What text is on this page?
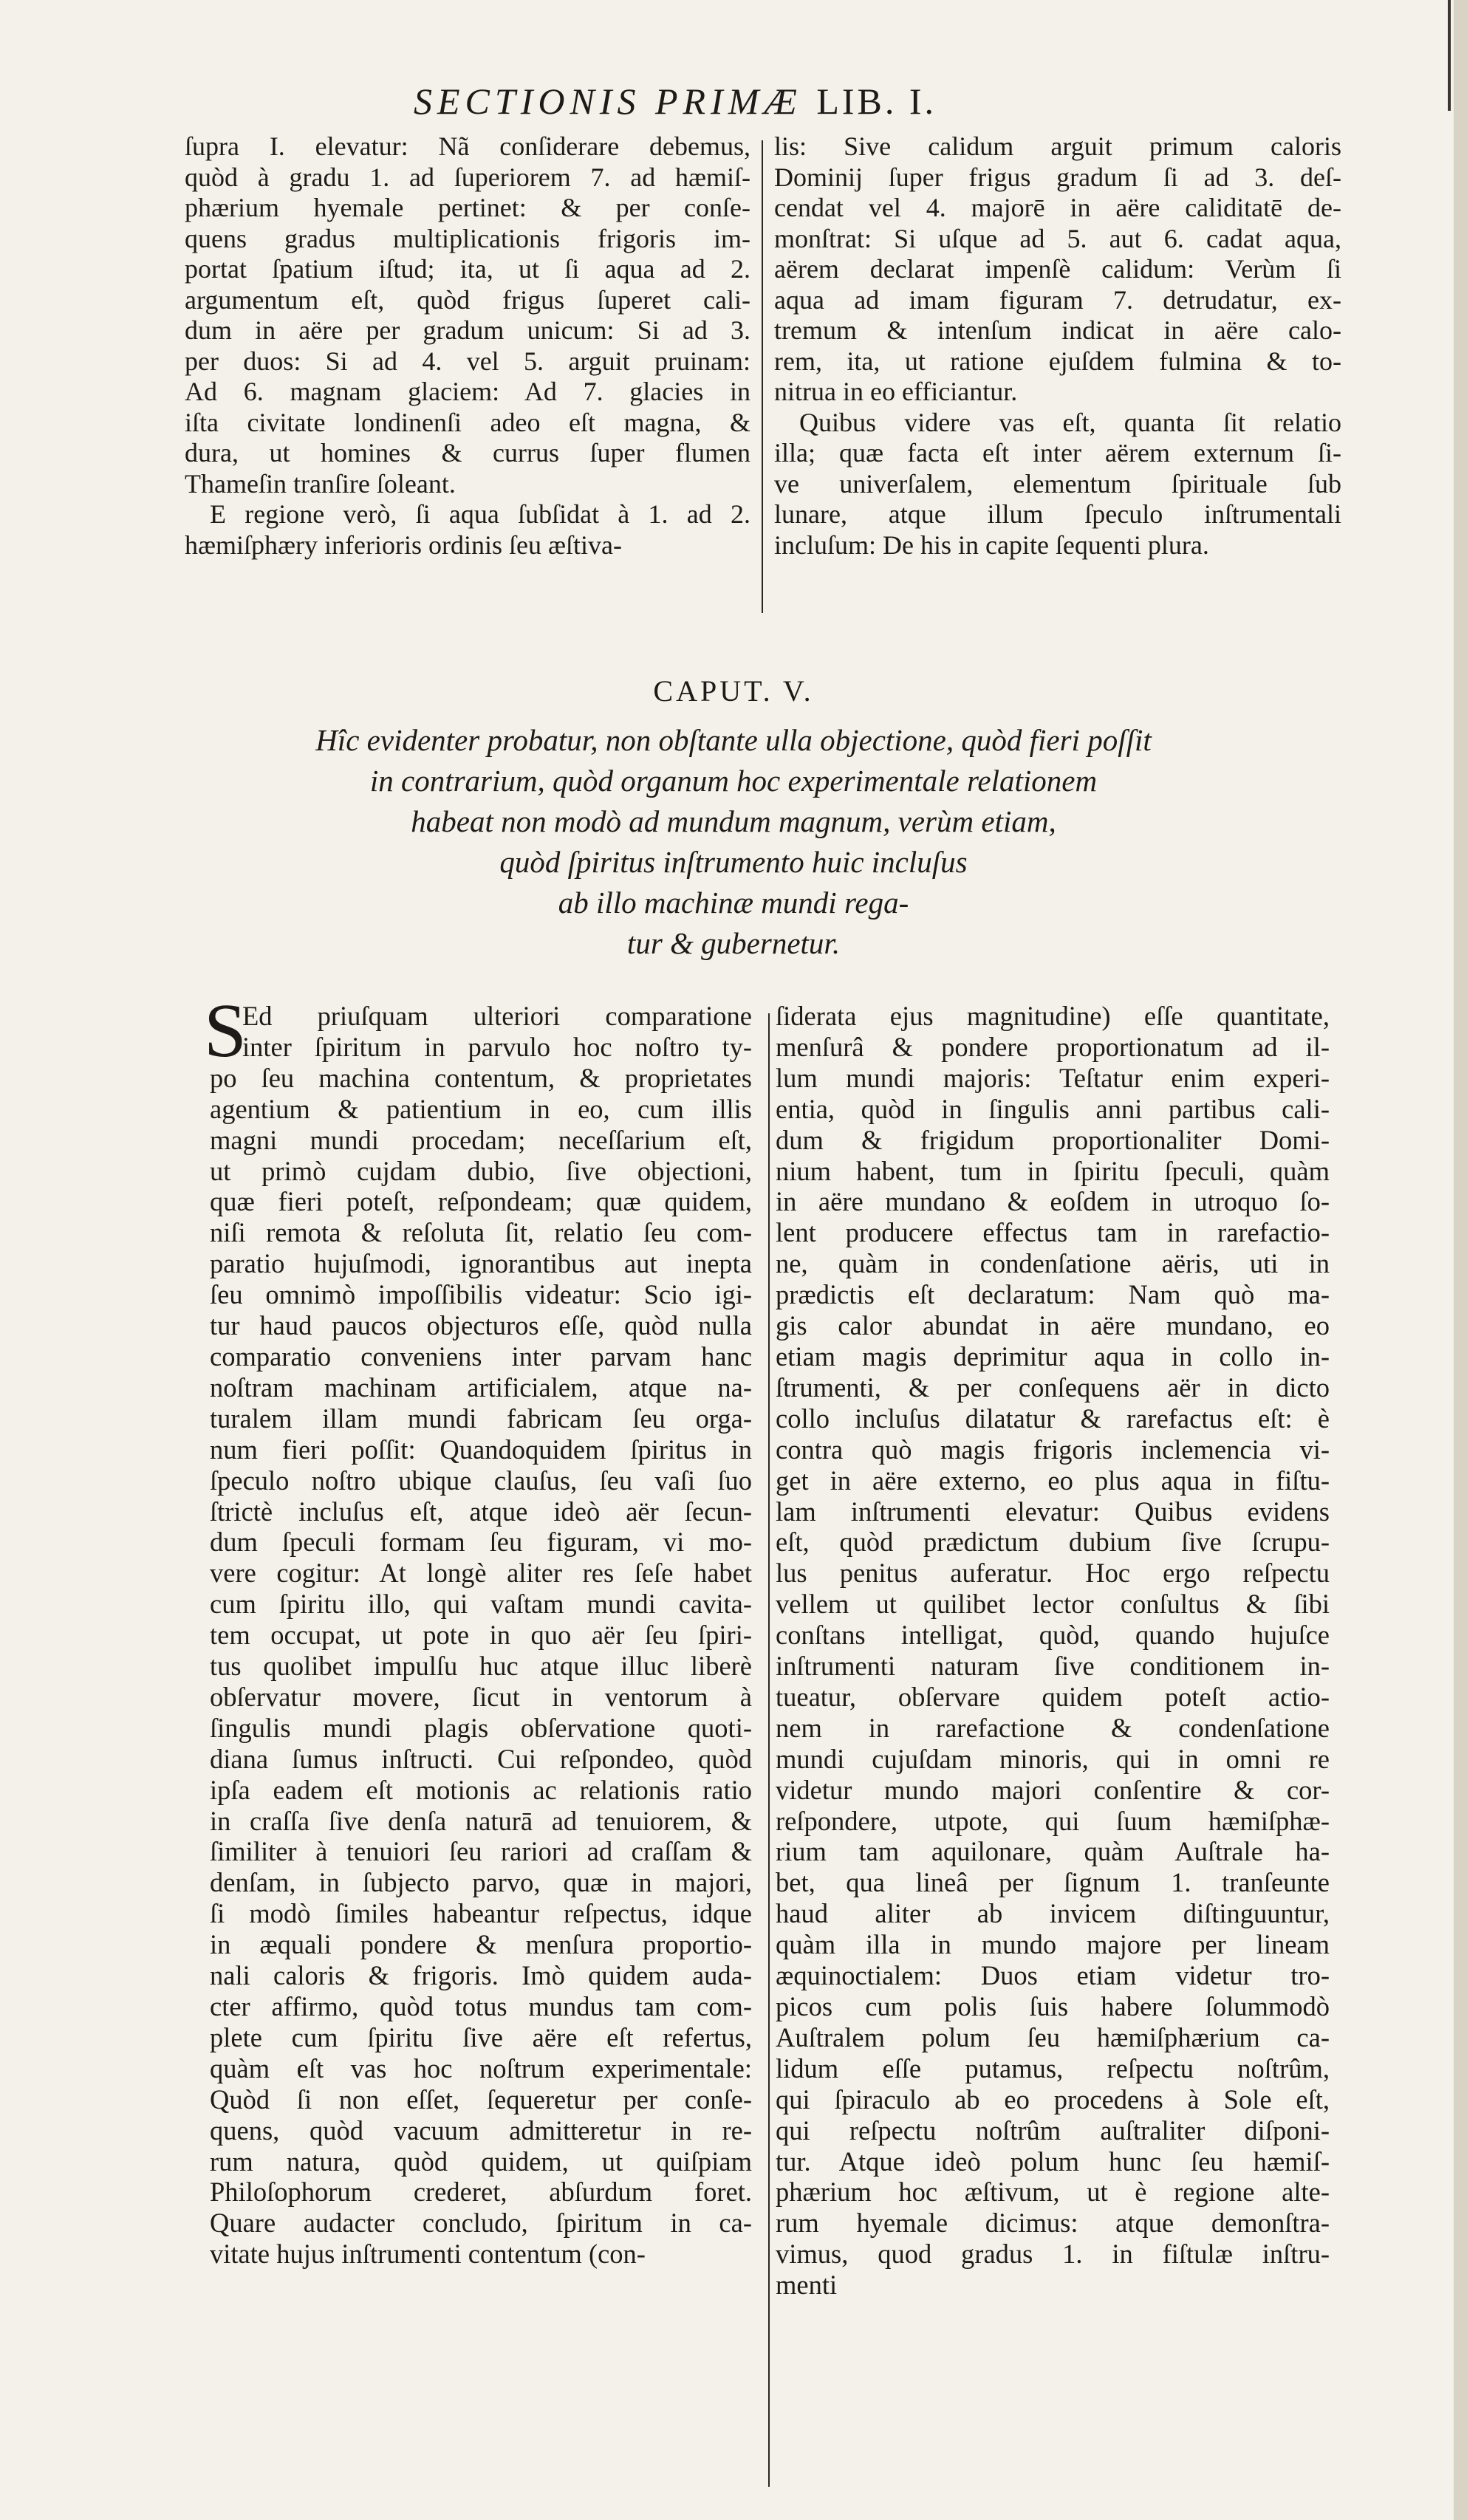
SECTIONIS PRIMÆ LIB. I.
ſupra I. elevatur: Nã conſiderare debemus,
quòd à gradu 1. ad ſuperiorem 7. ad hæmiſ-
phærium hyemale pertinet: & per conſe-
quens gradus multiplicationis frigoris im-
portat ſpatium iſtud; ita, ut ſi aqua ad 2.
argumentum eſt, quòd frigus ſuperet cali-
dum in aëre per gradum unicum: Si ad 3.
per duos: Si ad 4. vel 5. arguit pruinam:
Ad 6. magnam glaciem: Ad 7. glacies in
iſta civitate londinenſi adeo eſt magna, &
dura, ut homines & currus ſuper flumen
Thameſin tranſire ſoleant.
E regione verò, ſi aqua ſubſidat à 1. ad 2.
hæmiſphæry inferioris ordinis ſeu æſtiva-
lis: Sive calidum arguit primum caloris
Dominij ſuper frigus gradum ſi ad 3. deſ-
cendat vel 4. majorē in aëre caliditatē de-
monſtrat: Si uſque ad 5. aut 6. cadat aqua,
aërem declarat impenſè calidum: Verùm ſi
aqua ad imam figuram 7. detrudatur, ex-
tremum & intenſum indicat in aëre calo-
rem, ita, ut ratione ejuſdem fulmina & to-
nitrua in eo efficiantur.
Quibus videre vas eſt, quanta ſit relatio
illa; quæ facta eſt inter aërem externum ſi-
ve univerſalem, elementum ſpirituale ſub
lunare, atque illum ſpeculo inſtrumentali
incluſum: De his in capite ſequenti plura.
CAPUT. V.
Hîc evidenter probatur, non obſtante ulla objectione, quòd fieri poſſit
in contrarium, quòd organum hoc experimentale relationem
habeat non modò ad mundum magnum, verùm etiam,
quòd ſpiritus inſtrumento huic incluſus
ab illo machinæ mundi rega-
tur & gubernetur.
S
Ed priuſquam ulteriori comparatione
inter ſpiritum in parvulo hoc noſtro ty-
po ſeu machina contentum, & proprietates
agentium & patientium in eo, cum illis
magni mundi procedam; neceſſarium eſt,
ut primò cujdam dubio, ſive objectioni,
quæ fieri poteſt, reſpondeam; quæ quidem,
niſi remota & reſoluta ſit, relatio ſeu com-
paratio hujuſmodi, ignorantibus aut inepta
ſeu omnimò impoſſibilis videatur: Scio igi-
tur haud paucos objecturos eſſe, quòd nulla
comparatio conveniens inter parvam hanc
noſtram machinam artificialem, atque na-
turalem illam mundi fabricam ſeu orga-
num fieri poſſit: Quandoquidem ſpiritus in
ſpeculo noſtro ubique clauſus, ſeu vaſi ſuo
ſtrictè incluſus eſt, atque ideò aër ſecun-
dum ſpeculi formam ſeu figuram, vi mo-
vere cogitur: At longè aliter res ſeſe habet
cum ſpiritu illo, qui vaſtam mundi cavita-
tem occupat, ut pote in quo aër ſeu ſpiri-
tus quolibet impulſu huc atque illuc liberè
obſervatur movere, ſicut in ventorum à
ſingulis mundi plagis obſervatione quoti-
diana ſumus inſtructi. Cui reſpondeo, quòd
ipſa eadem eſt motionis ac relationis ratio
in craſſa ſive denſa naturā ad tenuiorem, &
ſimiliter à tenuiori ſeu rariori ad craſſam &
denſam, in ſubjecto parvo, quæ in majori,
ſi modò ſimiles habeantur reſpectus, idque
in æquali pondere & menſura proportio-
nali caloris & frigoris. Imò quidem auda-
cter affirmo, quòd totus mundus tam com-
plete cum ſpiritu ſive aëre eſt refertus,
quàm eſt vas hoc noſtrum experimentale:
Quòd ſi non eſſet, ſequeretur per conſe-
quens, quòd vacuum admitteretur in re-
rum natura, quòd quidem, ut quiſpiam
Philoſophorum crederet, abſurdum foret.
Quare audacter concludo, ſpiritum in ca-
vitate hujus inſtrumenti contentum (con-
ſiderata ejus magnitudine) eſſe quantitate,
menſurâ & pondere proportionatum ad il-
lum mundi majoris: Teſtatur enim experi-
entia, quòd in ſingulis anni partibus cali-
dum & frigidum proportionaliter Domi-
nium habent, tum in ſpiritu ſpeculi, quàm
in aëre mundano & eoſdem in utroquo ſo-
lent producere effectus tam in rarefactio-
ne, quàm in condenſatione aëris, uti in
prædictis eſt declaratum: Nam quò ma-
gis calor abundat in aëre mundano, eo
etiam magis deprimitur aqua in collo in-
ſtrumenti, & per conſequens aër in dicto
collo incluſus dilatatur & rarefactus eſt: è
contra quò magis frigoris inclemencia vi-
get in aëre externo, eo plus aqua in fiſtu-
lam inſtrumenti elevatur: Quibus evidens
eſt, quòd prædictum dubium ſive ſcrupu-
lus penitus auferatur. Hoc ergo reſpectu
vellem ut quilibet lector conſultus & ſibi
conſtans intelligat, quòd, quando hujuſce
inſtrumenti naturam ſive conditionem in-
tueatur, obſervare quidem poteſt actio-
nem in rarefactione & condenſatione
mundi cujuſdam minoris, qui in omni re
videtur mundo majori conſentire & cor-
reſpondere, utpote, qui ſuum hæmiſphæ-
rium tam aquilonare, quàm Auſtrale ha-
bet, qua lineâ per ſignum 1. tranſeunte
haud aliter ab invicem diſtinguuntur,
quàm illa in mundo majore per lineam
æquinoctialem: Duos etiam videtur tro-
picos cum polis ſuis habere ſolummodò
Auſtralem polum ſeu hæmiſphærium ca-
lidum eſſe putamus, reſpectu noſtrûm,
qui ſpiraculo ab eo procedens à Sole eſt,
qui reſpectu noſtrûm auſtraliter diſponi-
tur. Atque ideò polum hunc ſeu hæmiſ-
phærium hoc æſtivum, ut è regione alte-
rum hyemale dicimus: atque demonſtra-
vimus, quod gradus 1. in fiſtulæ inſtru-
menti
